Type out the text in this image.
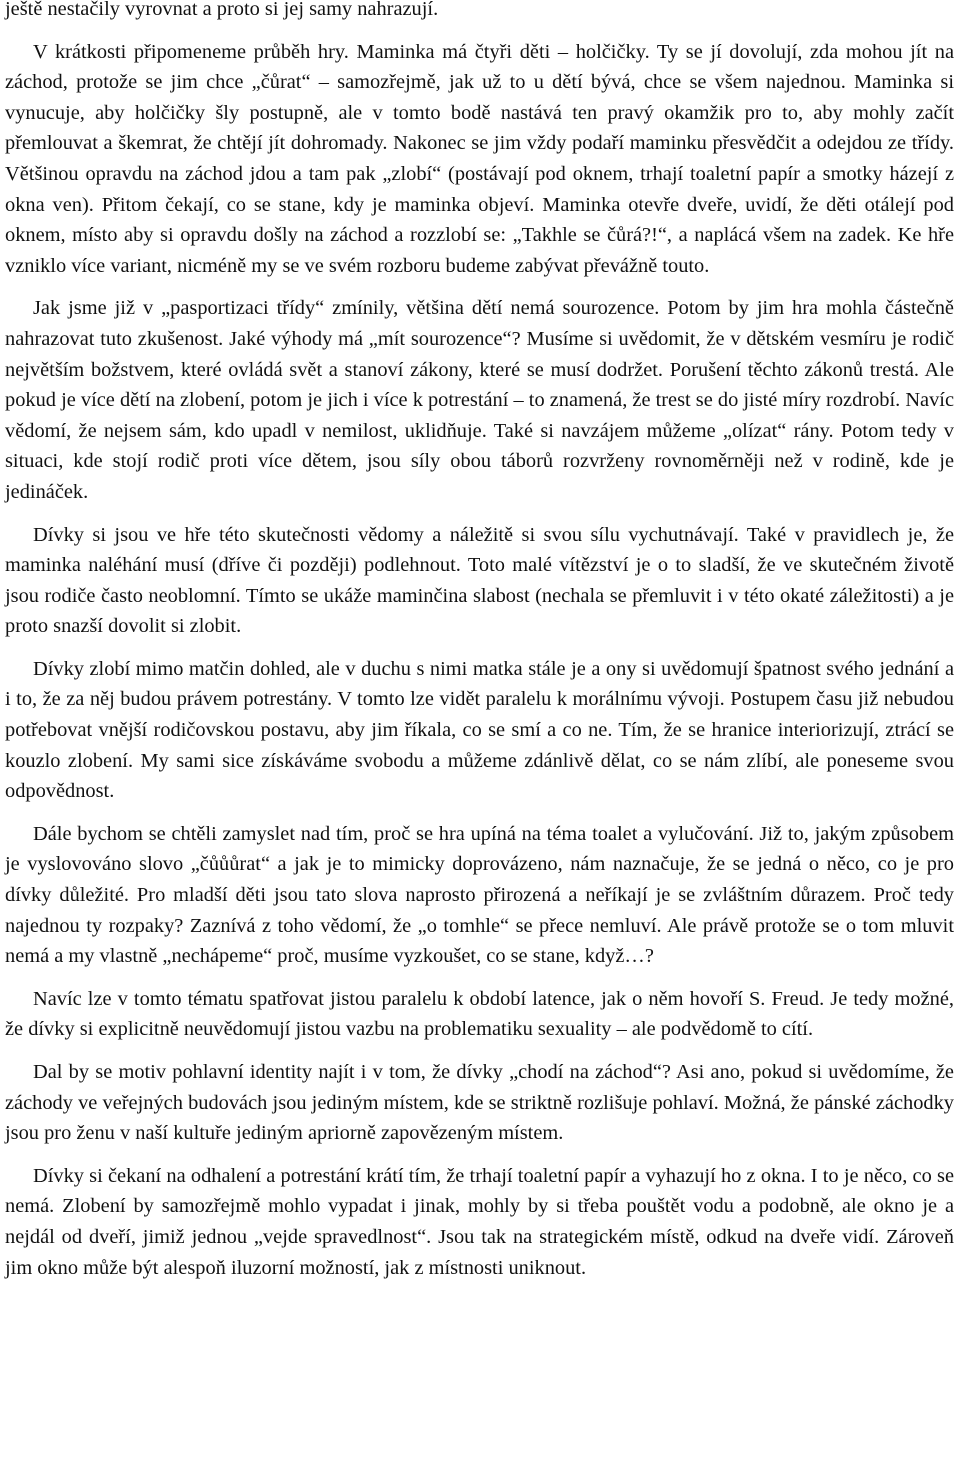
ještě nestačily vyrovnat a proto si jej samy nahrazují.

V krátkosti připomeneme průběh hry. Maminka má čtyři děti – holčičky. Ty se jí dovolují, zda mohou jít na záchod, protože se jim chce „čůrat“ – samozřejmě, jak už to u dětí bývá, chce se všem najednou. Maminka si vynucuje, aby holčičky šly postupně, ale v tomto bodě nastává ten pravý okamžik pro to, aby mohly začít přemlouvat a škemrat, že chtějí jít dohromady. Nakonec se jim vždy podaří maminku přesvědčit a odejdou ze třídy. Většinou opravdu na záchod jdou a tam pak „zlobí“ (postávají pod oknem, trhají toaletní papír a smotky házejí z okna ven). Přitom čekají, co se stane, kdy je maminka objeví. Maminka otevře dveře, uvidí, že děti otálejí pod oknem, místo aby si opravdu došly na záchod a rozzlobí se: „Takhle se čůrá?!“, a naplácá všem na zadek. Ke hře vzniklo více variant, nicméně my se ve svém rozboru budeme zabývat převážně touto.

Jak jsme již v „pasportizaci třídy“ zmínily, většina dětí nemá sourozence. Potom by jim hra mohla částečně nahrazovat tuto zkušenost. Jaké výhody má „mít sourozence“? Musíme si uvědomit, že v dětském vesmíru je rodič největším božstvem, které ovládá svět a stanoví zákony, které se musí dodržet. Porušení těchto zákonů trestá. Ale pokud je více dětí na zlobení, potom je jich i více k potrestání – to znamená, že trest se do jisté míry rozdrobí. Navíc vědomí, že nejsem sám, kdo upadl v nemilost, uklidňuje. Také si navzájem můžeme „olízat“ rány. Potom tedy v situaci, kde stojí rodič proti více dětem, jsou síly obou táborů rozvrženy rovnoměrněji než v rodině, kde je jedináček.

Dívky si jsou ve hře této skutečnosti vědomy a náležitě si svou sílu vychutnávají. Také v pravidlech je, že maminka naléhání musí (dříve či později) podlehnout. Toto malé vítězství je o to sladší, že ve skutečném životě jsou rodiče často neoblomní. Tímto se ukáže maminčina slabost (nechala se přemluvit i v této okaté záležitosti) a je proto snazší dovolit si zlobit.

Dívky zlobí mimo matčin dohled, ale v duchu s nimi matka stále je a ony si uvědomují špatnost svého jednání a i to, že za něj budou právem potrestány. V tomto lze vidět paralelu k morálnímu vývoji. Postupem času již nebudou potřebovat vnější rodičovskou postavu, aby jim říkala, co se smí a co ne. Tím, že se hranice interiorizují, ztrácí se kouzlo zlobení. My sami sice získáváme svobodu a můžeme zdánlivě dělat, co se nám zlíbí, ale poneseme svou odpovědnost.

Dále bychom se chtěli zamyslet nad tím, proč se hra upíná na téma toalet a vylučování. Již to, jakým způsobem je vyslovováno slovo „čůůůrat“ a jak je to mimicky doprovázeno, nám naznačuje, že se jedná o něco, co je pro dívky důležité. Pro mladší děti jsou tato slova naprosto přirozená a neříkají je se zvláštním důrazem. Proč tedy najednou ty rozpaky? Zaznívá z toho vědomí, že „o tomhle“ se přece nemluví. Ale právě protože se o tom mluvit nemá a my vlastně „nechápeme“ proč, musíme vyzkoušet, co se stane, když…?

Navíc lze v tomto tématu spatřovat jistou paralelu k období latence, jak o něm hovoří S. Freud. Je tedy možné, že dívky si explicitně neuvědomují jistou vazbu na problematiku sexuality – ale podvědomě to cítí.

Dal by se motiv pohlavní identity najít i v tom, že dívky „chodí na záchod“? Asi ano, pokud si uvědomíme, že záchody ve veřejných budovách jsou jediným místem, kde se striktně rozlišuje pohlaví. Možná, že pánské záchodky jsou pro ženu v naší kultuře jediným apriorně zapovězeným místem.

Dívky si čekaní na odhalení a potrestání krátí tím, že trhají toaletní papír a vyhazují ho z okna. I to je něco, co se nemá. Zlobení by samozřejmě mohlo vypadat i jinak, mohly by si třeba pouštět vodu a podobně, ale okno je a nejdál od dveří, jimiž jednou „vejde spravedlnost“. Jsou tak na strategickém místě, odkud na dveře vidí. Zároveň jim okno může být alespoň iluzorní možností, jak z místnosti uniknout.
